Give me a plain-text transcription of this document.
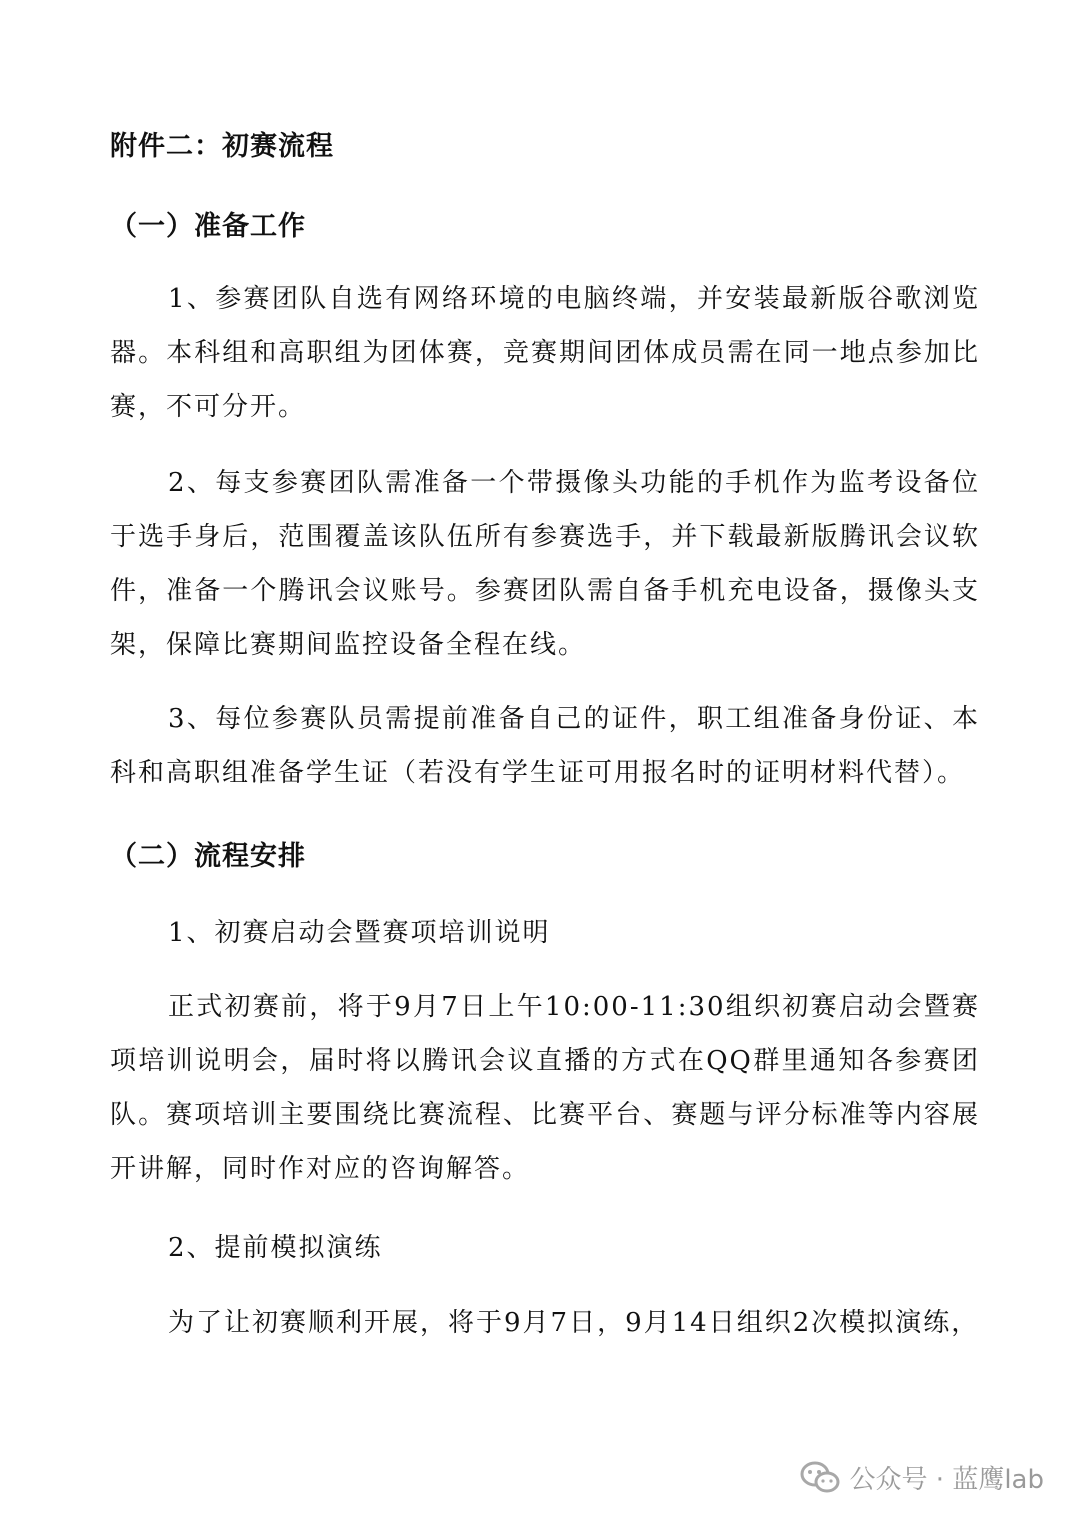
附件二：初赛流程
（一）准备工作
1、参赛团队自选有网络环境的电脑终端，并安装最新版谷歌浏览器。本科组和高职组为团体赛，竞赛期间团体成员需在同一地点参加比赛，不可分开。
2、每支参赛团队需准备一个带摄像头功能的手机作为监考设备位于选手身后，范围覆盖该队伍所有参赛选手，并下载最新版腾讯会议软件，准备一个腾讯会议账号。参赛团队需自备手机充电设备，摄像头支架，保障比赛期间监控设备全程在线。
3、每位参赛队员需提前准备自己的证件，职工组准备身份证、本科和高职组准备学生证（若没有学生证可用报名时的证明材料代替）。
（二）流程安排
1、初赛启动会暨赛项培训说明
正式初赛前，将于9月7日上午10:00-11:30组织初赛启动会暨赛项培训说明会，届时将以腾讯会议直播的方式在QQ群里通知各参赛团队。赛项培训主要围绕比赛流程、比赛平台、赛题与评分标准等内容展开讲解，同时作对应的咨询解答。
2、提前模拟演练
为了让初赛顺利开展，将于9月7日，9月14日组织2次模拟演练，
公众号 · 蓝鹰lab
